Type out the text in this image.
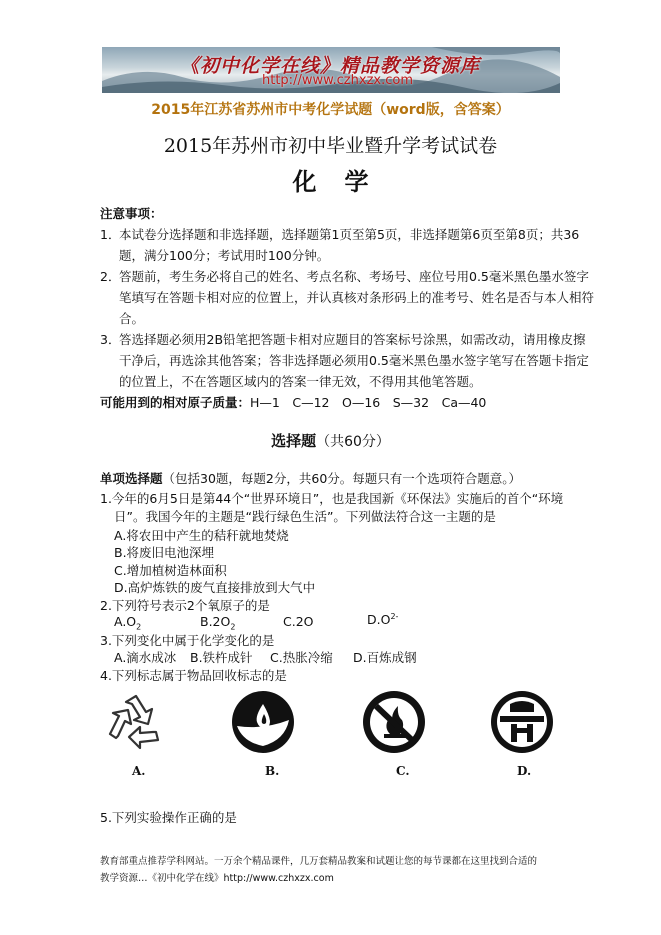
《初中化学在线》精品教学资源库
http://www.czhxzx.com
2015年江苏省苏州市中考化学试题（word版，含答案）
2015年苏州市初中毕业暨升学考试试卷
化学
注意事项：
1．
本试卷分选择题和非选择题，选择题第1页至第5页，非选择题第6页至第8页；共36
题，满分100分；考试用时100分钟。
2．
答题前，考生务必将自己的姓名、考点名称、考场号、座位号用0.5毫米黑色墨水签字
笔填写在答题卡相对应的位置上，并认真核对条形码上的准考号、姓名是否与本人相符
合。
3．
答选择题必须用2B铅笔把答题卡相对应题目的答案标号涂黑，如需改动，请用橡皮擦
干净后，再选涂其他答案；答非选择题必须用0.5毫米黑色墨水签字笔写在答题卡指定
的位置上，不在答题区域内的答案一律无效，不得用其他笔答题。
可能用到的相对原子质量：H—1　C—12　O—16　S—32　Ca—40
选择题（共60分）
单项选择题（包括30题，每题2分，共60分。每题只有一个选项符合题意。）
1.今年的6月5日是第44个“世界环境日”，也是我国新《环保法》实施后的首个“环境
日”。我国今年的主题是“践行绿色生活”。下列做法符合这一主题的是
A.将农田中产生的秸秆就地焚烧
B.将废旧电池深埋
C.增加植树造林面积
D.高炉炼铁的废气直接排放到大气中
2.下列符号表示2个氧原子的是
$A.O_2$	$B.2O_2$	C.2O	$D.O^{2-}$
3.下列变化中属于化学变化的是
A.滴水成冰 B.铁杵成针 C.热胀冷缩 D.百炼成钢
4.下列标志属于物品回收标志的是
A.	B.	C.	D.
5.下列实验操作正确的是
教育部重点推荐学科网站。一万余个精品课件，几万套精品教案和试题让您的每节课都在这里找到合适的
教学资源…《初中化学在线》http://www.czhxzx.com
